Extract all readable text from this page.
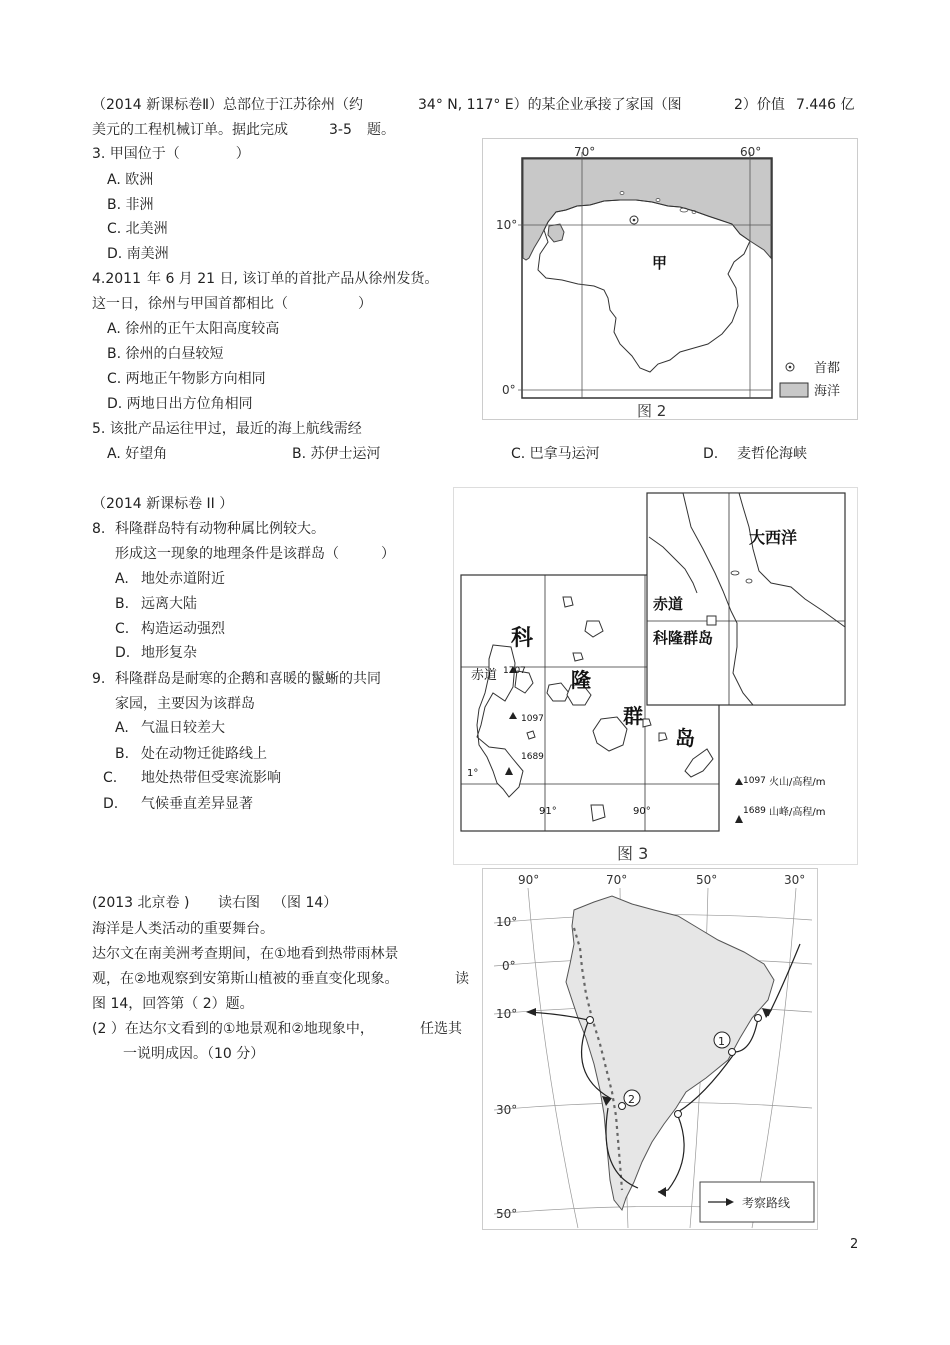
（2014 新课标卷Ⅱ）总部位于江苏徐州（约	34° N, 117° E）的某企业承接了家国（图	2）价值 7.446 亿
美元的工程机械订单。据此完成	3-5 题。
3. 甲国位于（　　　　）
A. 欧洲
B. 非洲
C. 北美洲
D. 南美洲
4.2011 年 6 月 21 日, 该订单的首批产品从徐州发货。
这一日，徐州与甲国首都相比（　　　　　）
A. 徐州的正午太阳高度较高
B. 徐州的白昼较短
C. 两地正午物影方向相同
D. 两地日出方位角相同
5. 该批产品运往甲过，最近的海上航线需经
A. 好望角	B. 苏伊士运河	C. 巴拿马运河	D. 麦哲伦海峡
70°	60°
10°
0°
甲
首都
海洋
图 2
（2014 新课标卷 II ）
8. 科隆群岛特有动物种属比例较大。
形成这一现象的地理条件是该群岛（　　　）
A. 地处赤道附近
B. 远离大陆
C. 构造运动强烈
D. 地形复杂
9. 科隆群岛是耐寒的企鹅和喜暖的鬣蜥的共同
家园，主要因为该群岛
A. 气温日较差大
B. 处在动物迁徙路线上
C. 地处热带但受寒流影响
D. 气候垂直差异显著
科
隆
群
岛
赤道 1707
1097
1689
1°
91°	90°
大西洋
赤道
科隆群岛
1097 火山/高程/m
1689 山峰/高程/m
图 3
(2013 北京卷 ) 读右图 （图 14）
海洋是人类活动的重要舞台。
达尔文在南美洲考查期间，在①地看到热带雨林景
观，在②地观察到安第斯山植被的垂直变化现象。	读
图 14，回答第（ 2）题。
(2 ）在达尔文看到的①地景观和②地现象中，	任选其
一说明成因。（10 分）
1
2
90°	70°	50°	30°
10°
0°
10°
30°
50°
考察路线
2
